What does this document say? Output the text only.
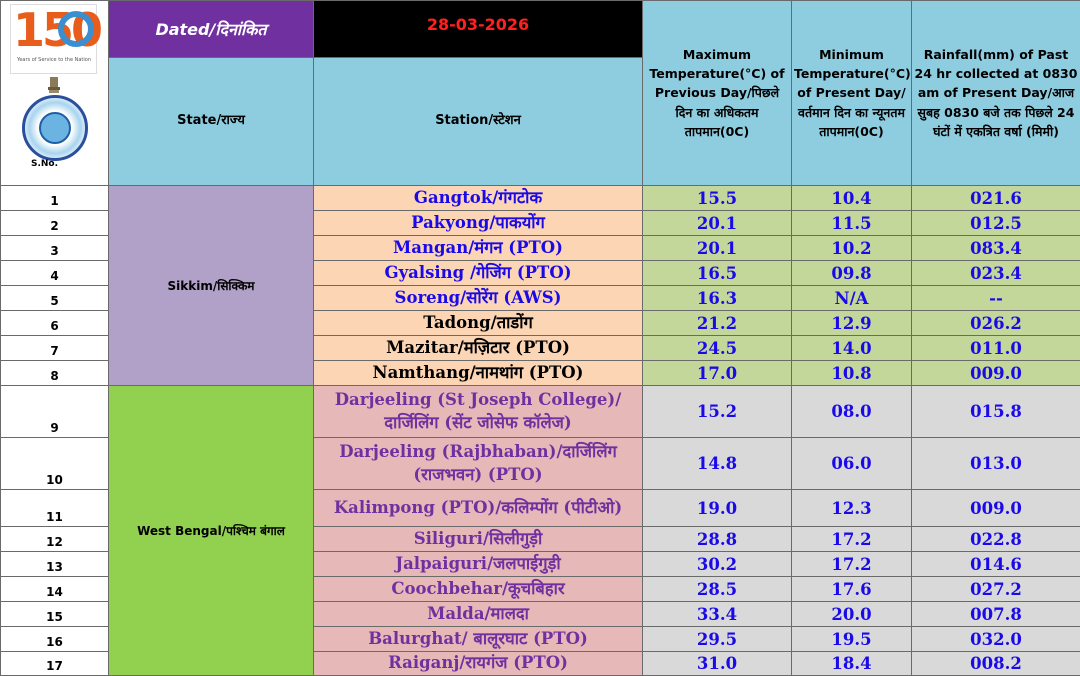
150
Years of Service to the Nation
S.No.	Dated/दिनांकित	28-03-2026	Maximum Temperature(°C) of Previous Day/पिछले दिन का अधिकतम तापमान(0C)	Minimum Temperature(°C) of Present Day/वर्तमान दिन का न्यूनतम तापमान(0C)	Rainfall(mm) of Past 24 hr collected at 0830 am of Present Day/आज सुबह 0830 बजे तक पिछले 24 घंटों में एकत्रित वर्षा (मिमी)
	State/राज्य	Station/स्टेशन			
1	Sikkim/सिक्किम	Gangtok/गंगटोक	15.5	10.4	021.6
2		Pakyong/पाकयोंग	20.1	11.5	012.5
3		Mangan/मंगन (PTO)	20.1	10.2	083.4
4		Gyalsing /गेजिंग (PTO)	16.5	09.8	023.4
5		Soreng/सोरेंग (AWS)	16.3	N/A	--
6		Tadong/ताडोंग	21.2	12.9	026.2
7		Mazitar/मज़िटार (PTO)	24.5	14.0	011.0
8		Namthang/नामथांग (PTO)	17.0	10.8	009.0
9	West Bengal/पश्चिम बंगाल	Darjeeling (St Joseph College)/दार्जिलिंग (सेंट जोसेफ कॉलेज)	15.2	08.0	015.8
10		Darjeeling (Rajbhaban)/दार्जिलिंग (राजभवन) (PTO)	14.8	06.0	013.0
11		Kalimpong (PTO)/कलिम्पोंग (पीटीओ)	19.0	12.3	009.0
12		Siliguri/सिलीगुड़ी	28.8	17.2	022.8
13		Jalpaiguri/जलपाईगुड़ी	30.2	17.2	014.6
14		Coochbehar/कूचबिहार	28.5	17.6	027.2
15		Malda/मालदा	33.4	20.0	007.8
16		Balurghat/ बालूरघाट (PTO)	29.5	19.5	032.0
17		Raiganj/रायगंज (PTO)	31.0	18.4	008.2
